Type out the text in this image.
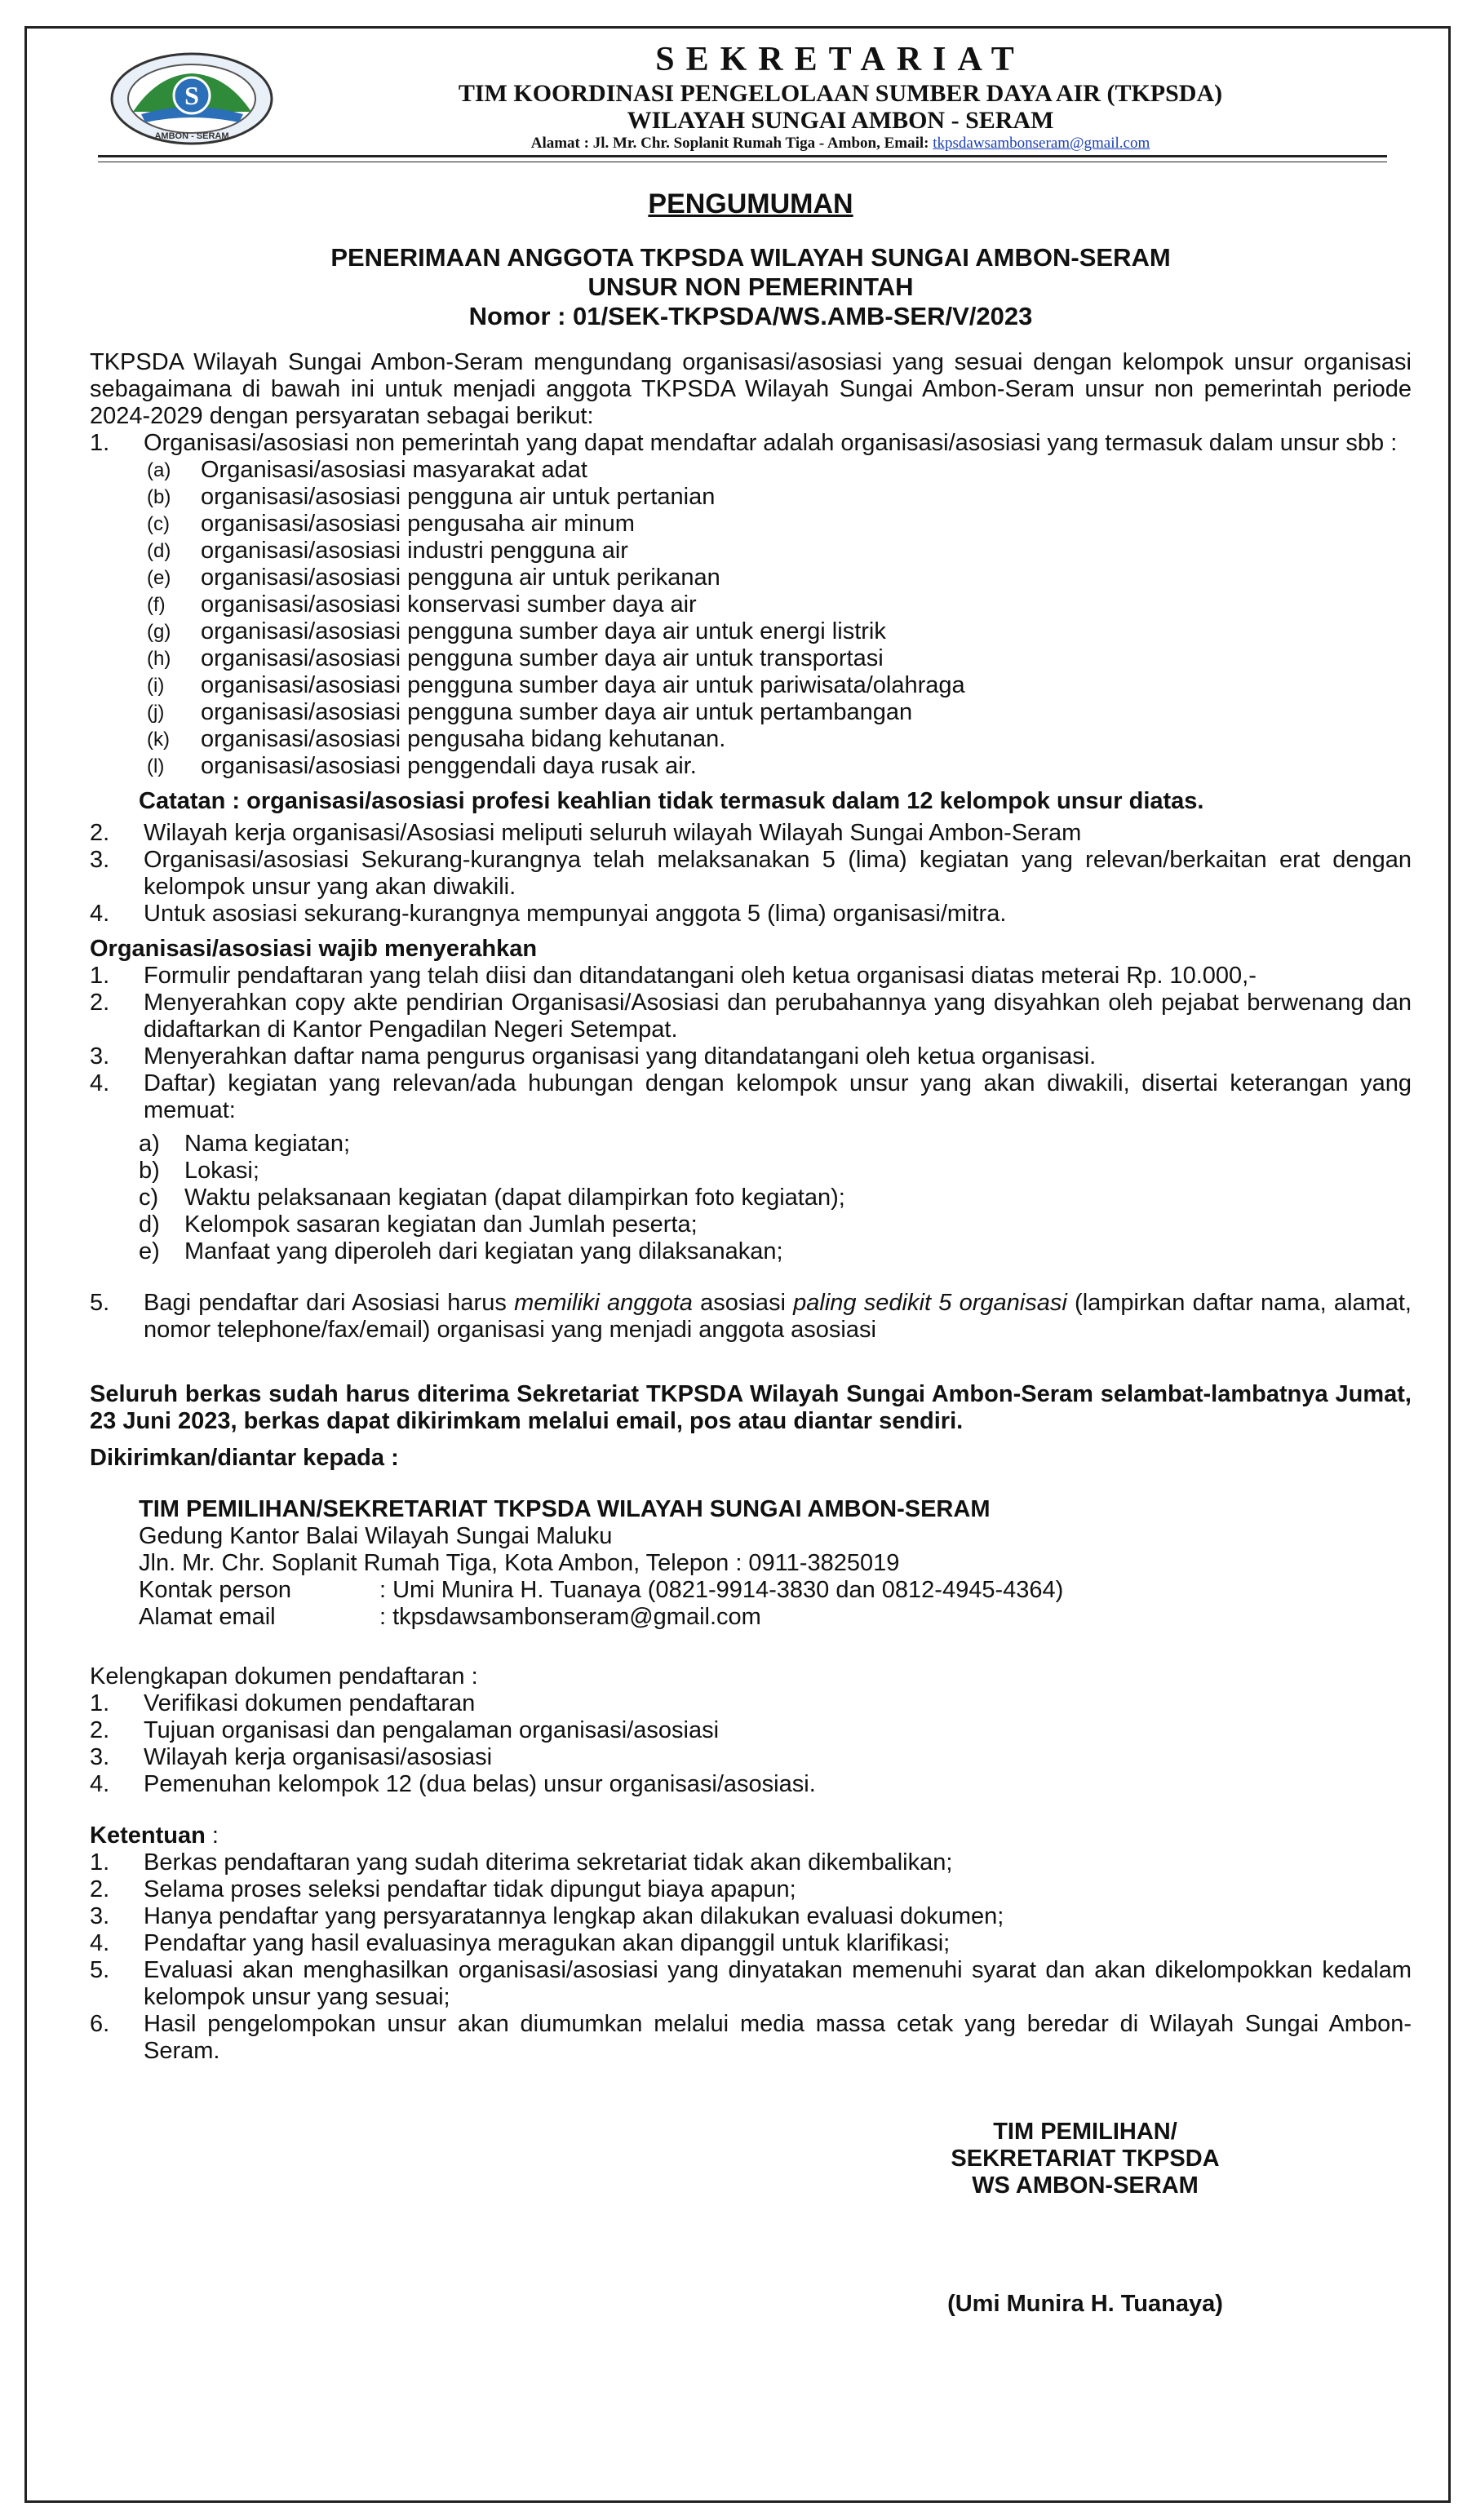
S
AMBON - SERAM
SEKRETARIAT
TIM KOORDINASI PENGELOLAAN SUMBER DAYA AIR (TKPSDA)
WILAYAH SUNGAI AMBON - SERAM
Alamat : Jl. Mr. Chr. Soplanit Rumah Tiga - Ambon, Email: tkpsdawsambonseram@gmail.com
PENGUMUMAN
PENERIMAAN ANGGOTA TKPSDA WILAYAH SUNGAI AMBON-SERAM
UNSUR NON PEMERINTAH
Nomor : 01/SEK-TKPSDA/WS.AMB-SER/V/2023

TKPSDA Wilayah Sungai Ambon-Seram mengundang organisasi/asosiasi yang sesuai dengan kelompok unsur organisasi sebagaimana di bawah ini untuk menjadi anggota TKPSDA Wilayah Sungai Ambon-Seram unsur non pemerintah periode 2024-2029 dengan persyaratan sebagai berikut:

1.	Organisasi/asosiasi non pemerintah yang dapat mendaftar adalah organisasi/asosiasi yang termasuk dalam unsur sbb :
(a)	Organisasi/asosiasi masyarakat adat
(b)	organisasi/asosiasi pengguna air untuk pertanian
(c)	organisasi/asosiasi pengusaha air minum
(d)	organisasi/asosiasi industri pengguna air
(e)	organisasi/asosiasi pengguna air untuk perikanan
(f)	organisasi/asosiasi konservasi sumber daya air
(g)	organisasi/asosiasi pengguna sumber daya air untuk energi listrik
(h)	organisasi/asosiasi pengguna sumber daya air untuk transportasi
(i)	organisasi/asosiasi pengguna sumber daya air untuk pariwisata/olahraga
(j)	organisasi/asosiasi pengguna sumber daya air untuk pertambangan
(k)	organisasi/asosiasi pengusaha bidang kehutanan.
(l)	organisasi/asosiasi penggendali daya rusak air.

Catatan : organisasi/asosiasi profesi keahlian tidak termasuk dalam 12 kelompok unsur diatas.

2.	Wilayah kerja organisasi/Asosiasi meliputi seluruh wilayah Wilayah Sungai Ambon-Seram
3.	Organisasi/asosiasi Sekurang-kurangnya telah melaksanakan 5 (lima) kegiatan yang relevan/berkaitan erat dengan kelompok unsur yang akan diwakili.
4.	Untuk asosiasi sekurang-kurangnya mempunyai anggota 5 (lima) organisasi/mitra.

Organisasi/asosiasi wajib menyerahkan

1.	Formulir pendaftaran yang telah diisi dan ditandatangani oleh ketua organisasi diatas meterai Rp. 10.000,-
2.	Menyerahkan copy akte pendirian Organisasi/Asosiasi dan perubahannya yang disyahkan oleh pejabat berwenang dan didaftarkan di Kantor Pengadilan Negeri Setempat.
3.	Menyerahkan daftar nama pengurus organisasi yang ditandatangani oleh ketua organisasi.
4.	Daftar) kegiatan yang relevan/ada hubungan dengan kelompok unsur yang akan diwakili, disertai keterangan yang memuat:
a)	Nama kegiatan;
b)	Lokasi;
c)	Waktu pelaksanaan kegiatan (dapat dilampirkan foto kegiatan);
d)	Kelompok sasaran kegiatan dan Jumlah peserta;
e)	Manfaat yang diperoleh dari kegiatan yang dilaksanakan;
5.	Bagi pendaftar dari Asosiasi harus memiliki anggota asosiasi paling sedikit 5 organisasi (lampirkan daftar nama, alamat, nomor telephone/fax/email) organisasi yang menjadi anggota asosiasi

Seluruh berkas sudah harus diterima Sekretariat TKPSDA Wilayah Sungai Ambon-Seram selambat-lambatnya Jumat, 23 Juni 2023, berkas dapat dikirimkam melalui email, pos atau diantar sendiri.

Dikirimkan/diantar kepada :

TIM PEMILIHAN/SEKRETARIAT TKPSDA WILAYAH SUNGAI AMBON-SERAM

Gedung Kantor Balai Wilayah Sungai Maluku

Jln. Mr. Chr. Soplanit Rumah Tiga, Kota Ambon, Telepon : 0911-3825019

Kontak person	: Umi Munira H. Tuanaya (0821-9914-3830 dan 0812-4945-4364)
Alamat email	: tkpsdawsambonseram@gmail.com

Kelengkapan dokumen pendaftaran :

1.	Verifikasi dokumen pendaftaran
2.	Tujuan organisasi dan pengalaman organisasi/asosiasi
3.	Wilayah kerja organisasi/asosiasi
4.	Pemenuhan kelompok 12 (dua belas) unsur organisasi/asosiasi.

Ketentuan :

1.	Berkas pendaftaran yang sudah diterima sekretariat tidak akan dikembalikan;
2.	Selama proses seleksi pendaftar tidak dipungut biaya apapun;
3.	Hanya pendaftar yang persyaratannya lengkap akan dilakukan evaluasi dokumen;
4.	Pendaftar yang hasil evaluasinya meragukan akan dipanggil untuk klarifikasi;
5.	Evaluasi akan menghasilkan organisasi/asosiasi yang dinyatakan memenuhi syarat dan akan dikelompokkan kedalam kelompok unsur yang sesuai;
6.	Hasil pengelompokan unsur akan diumumkan melalui media massa cetak yang beredar di Wilayah Sungai Ambon-Seram.

TIM PEMILIHAN/

SEKRETARIAT TKPSDA

WS AMBON-SERAM

(Umi Munira H. Tuanaya)
